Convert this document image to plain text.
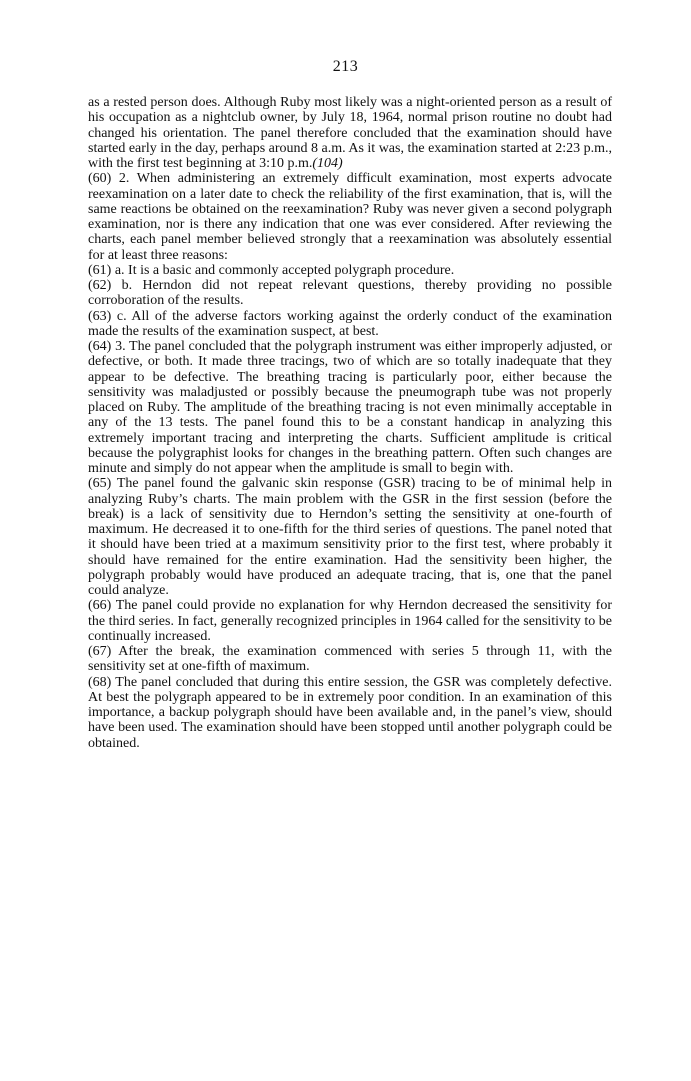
213

as a rested person does. Although Ruby most likely was a night-oriented person as a result of his occupation as a nightclub owner, by July 18, 1964, normal prison routine no doubt had changed his orientation. The panel therefore concluded that the examination should have started early in the day, perhaps around 8 a.m. As it was, the examination started at 2:23 p.m., with the first test beginning at 3:10 p.m.(104)

(60) 2. When administering an extremely difficult examination, most experts advocate reexamination on a later date to check the reliability of the first examination, that is, will the same reactions be obtained on the reexamination? Ruby was never given a second polygraph examination, nor is there any indication that one was ever considered. After reviewing the charts, each panel member believed strongly that a reexamination was absolutely essential for at least three reasons:

(61) a. It is a basic and commonly accepted polygraph procedure.

(62) b. Herndon did not repeat relevant questions, thereby providing no possible corroboration of the results.

(63) c. All of the adverse factors working against the orderly conduct of the examination made the results of the examination suspect, at best.

(64) 3. The panel concluded that the polygraph instrument was either improperly adjusted, or defective, or both. It made three tracings, two of which are so totally inadequate that they appear to be defective. The breathing tracing is particularly poor, either because the sensitivity was maladjusted or possibly because the pneumograph tube was not properly placed on Ruby. The amplitude of the breathing tracing is not even minimally acceptable in any of the 13 tests. The panel found this to be a constant handicap in analyzing this extremely important tracing and interpreting the charts. Sufficient amplitude is critical because the polygraphist looks for changes in the breathing pattern. Often such changes are minute and simply do not appear when the amplitude is small to begin with.

(65) The panel found the galvanic skin response (GSR) tracing to be of minimal help in analyzing Ruby’s charts. The main problem with the GSR in the first session (before the break) is a lack of sensitivity due to Herndon’s setting the sensitivity at one-fourth of maximum. He decreased it to one-fifth for the third series of questions. The panel noted that it should have been tried at a maximum sensitivity prior to the first test, where probably it should have remained for the entire examination. Had the sensitivity been higher, the polygraph probably would have produced an adequate tracing, that is, one that the panel could analyze.

(66) The panel could provide no explanation for why Herndon decreased the sensitivity for the third series. In fact, generally recognized principles in 1964 called for the sensitivity to be continually increased.

(67) After the break, the examination commenced with series 5 through 11, with the sensitivity set at one-fifth of maximum.

(68) The panel concluded that during this entire session, the GSR was completely defective. At best the polygraph appeared to be in extremely poor condition. In an examination of this importance, a backup polygraph should have been available and, in the panel’s view, should have been used. The examination should have been stopped until another polygraph could be obtained.
